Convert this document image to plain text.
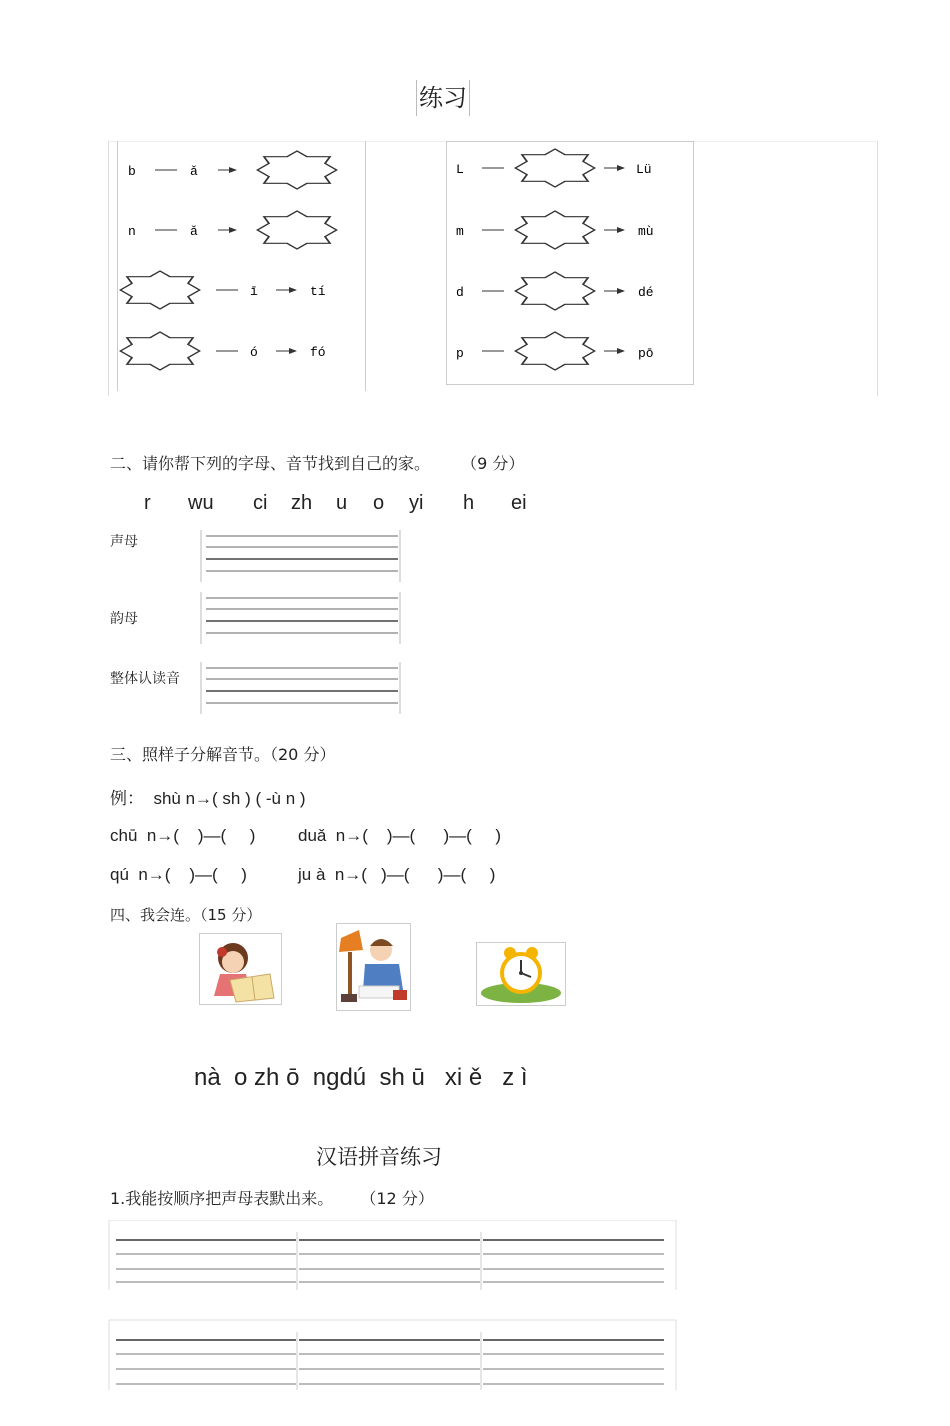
练习
b	ǎ
n	ǎ
ī	tí
ó	fó
L	Lü
m	mù
d	dé
p	pō
二、请你帮下列的字母、音节找到自己的家。 （9 分）
r wu ci zh u o yi h ei
声母
韵母
整体认读音
三、照样子分解音节。（20 分）
例：  shù n→( sh ) ( -ù n )
chū  n→(    )—(     )	duǎ  n→(    )—(      )—(     )
qú  n→(    )—(     )	ju à  n→(   )—(      )—(     )
四、我会连。（15 分）
nà  o zh ō  ngdú  sh ū   xi ě   z ì
汉语拼音练习
1.我能按顺序把声母表默出来。 （12 分）
